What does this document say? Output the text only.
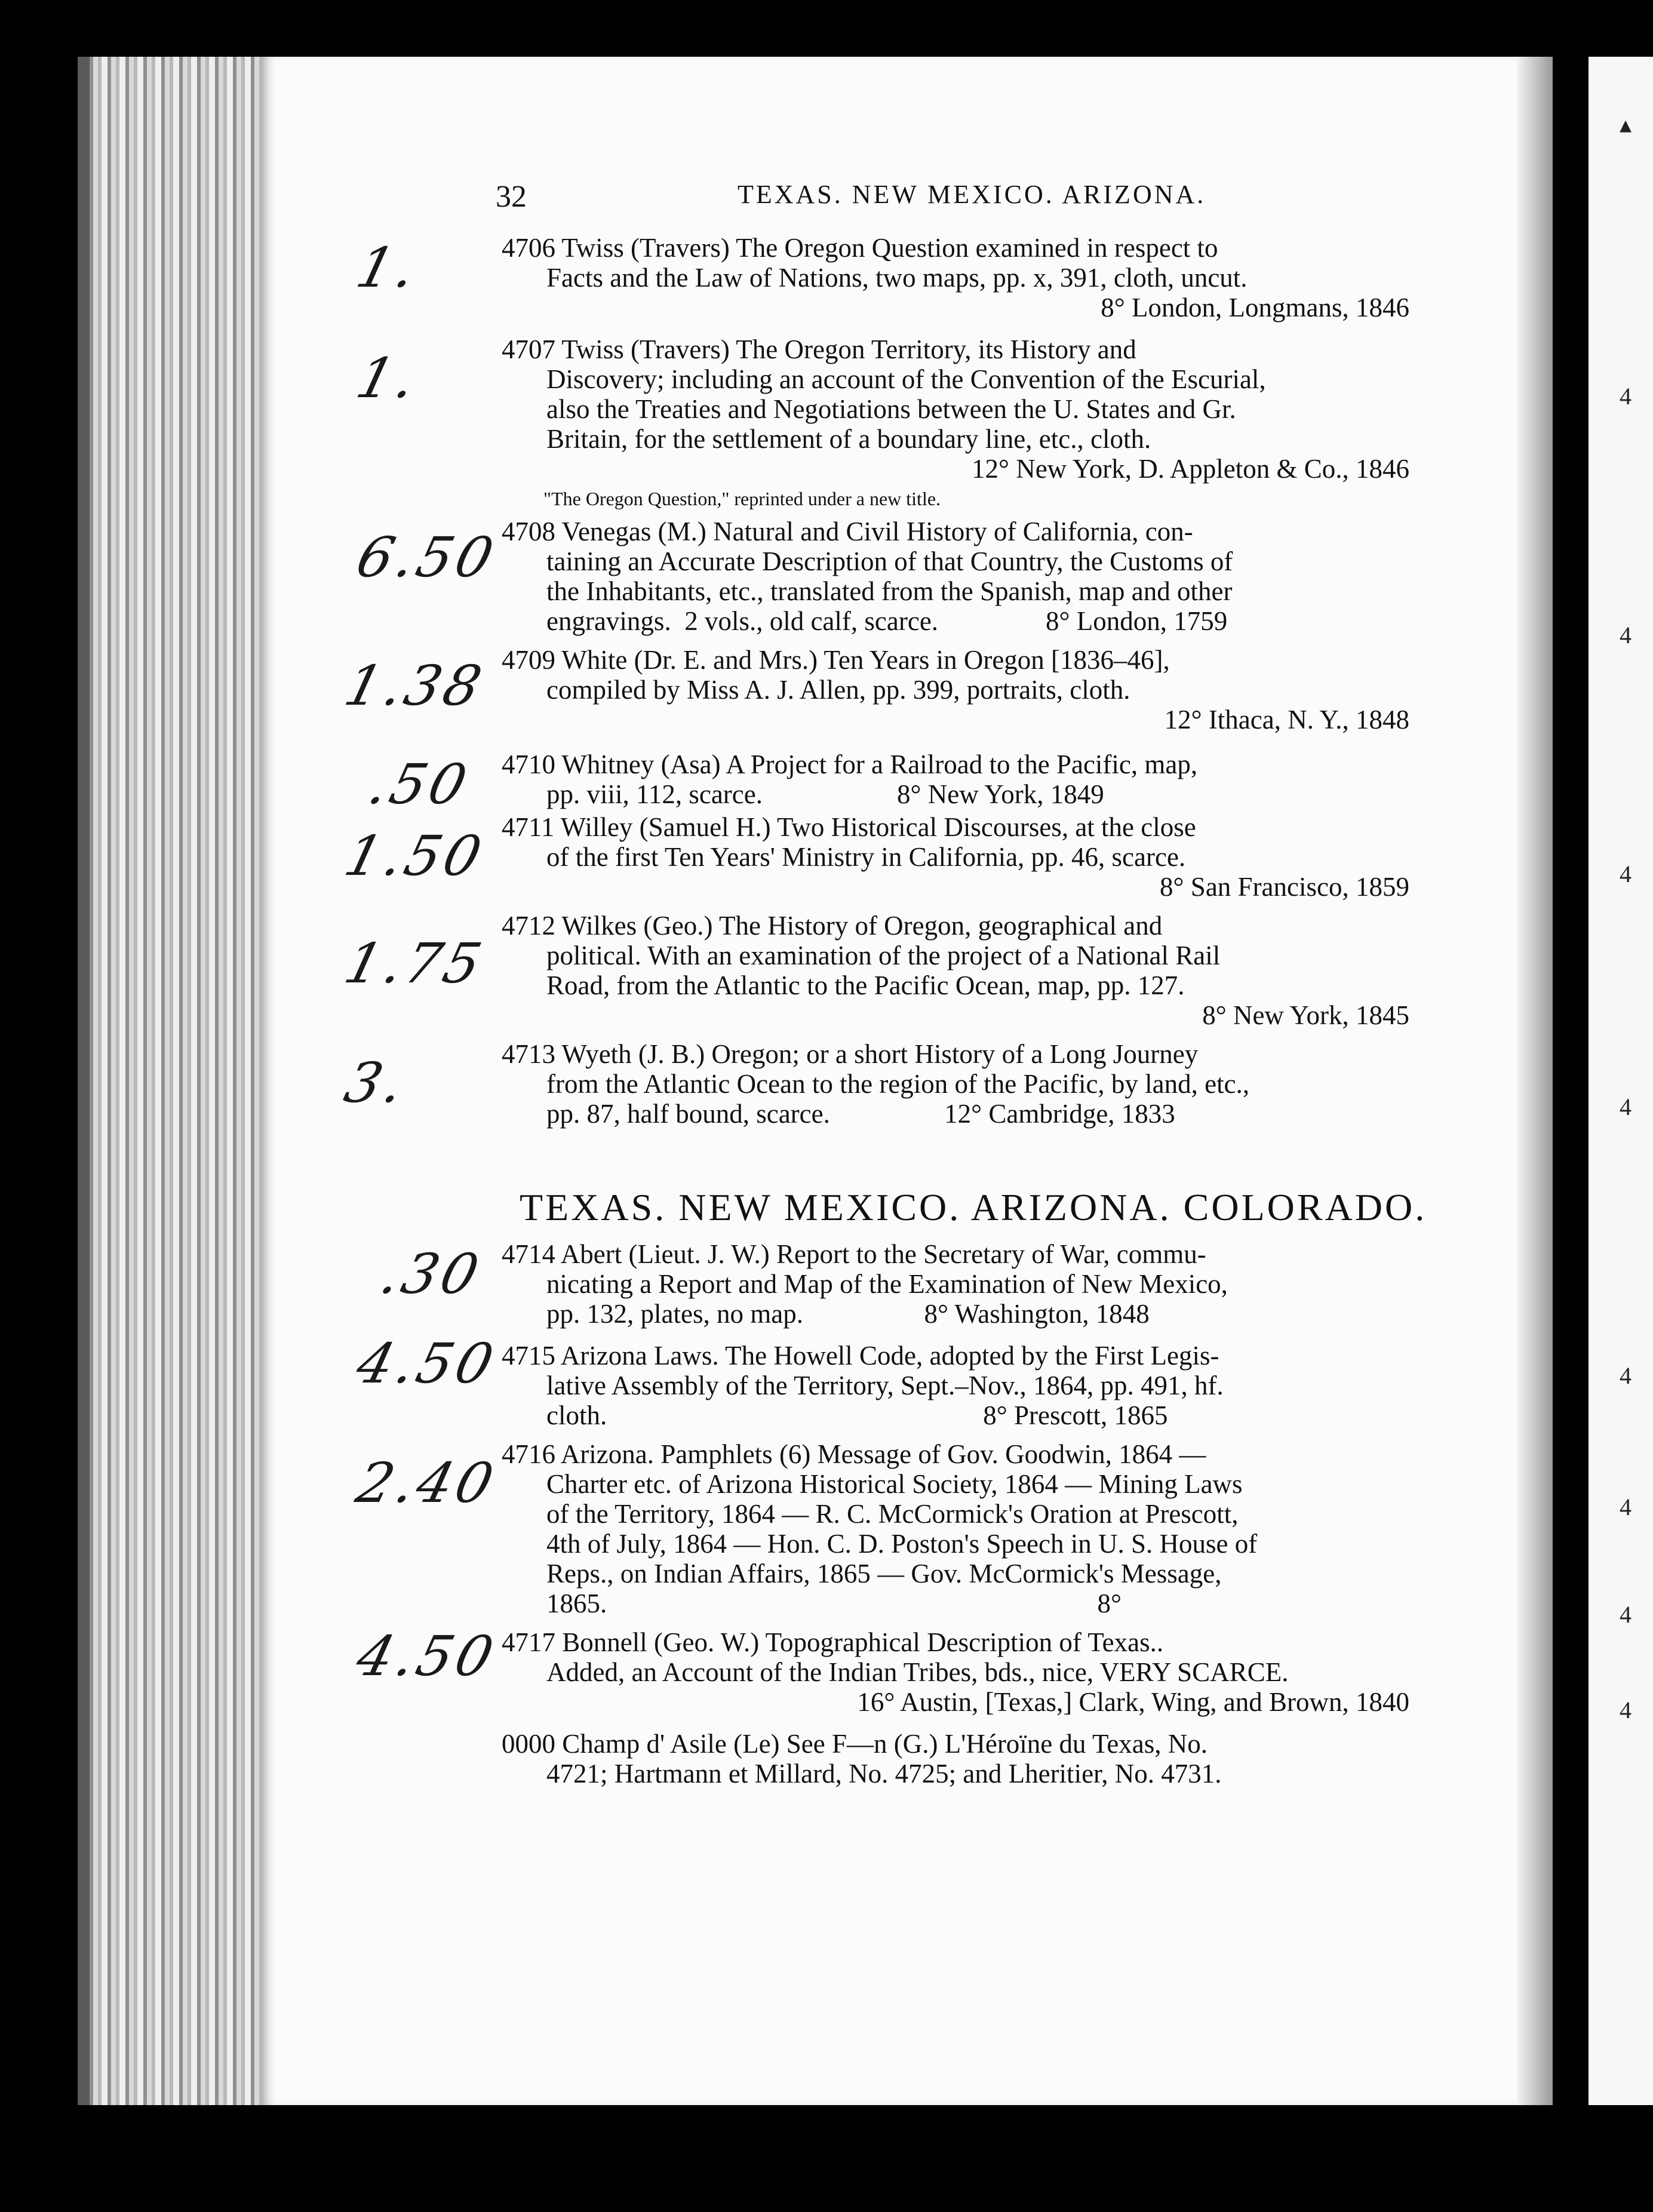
▴
4
4
4
4
4
4
4
4
32	TEXAS. NEW MEXICO. ARIZONA.
1.
1.
6.50
1.38
.50
1.50
1.75
3.
.30
4.50
2.40
4.50
4706 Twiss (Travers) The Oregon Question examined in respect to
Facts and the Law of Nations, two maps, pp. x, 391, cloth, uncut.
8° London, Longmans, 1846
4707 Twiss (Travers) The Oregon Territory, its History and
Discovery; including an account of the Convention of the Escurial,
also the Treaties and Negotiations between the U. States and Gr.
Britain, for the settlement of a boundary line, etc., cloth.
12° New York, D. Appleton & Co., 1846
"The Oregon Question," reprinted under a new title.
4708 Venegas (M.) Natural and Civil History of California, con-
taining an Accurate Description of that Country, the Customs of
the Inhabitants, etc., translated from the Spanish, map and other
engravings.  2 vols., old calf, scarce.                8° London, 1759
4709 White (Dr. E. and Mrs.) Ten Years in Oregon [1836–46],
compiled by Miss A. J. Allen, pp. 399, portraits, cloth.
12° Ithaca, N. Y., 1848
4710 Whitney (Asa) A Project for a Railroad to the Pacific, map,
pp. viii, 112, scarce.                    8° New York, 1849
4711 Willey (Samuel H.) Two Historical Discourses, at the close
of the first Ten Years' Ministry in California, pp. 46, scarce.
8° San Francisco, 1859
4712 Wilkes (Geo.) The History of Oregon, geographical and
political. With an examination of the project of a National Rail
Road, from the Atlantic to the Pacific Ocean, map, pp. 127.
8° New York, 1845
4713 Wyeth (J. B.) Oregon; or a short History of a Long Journey
from the Atlantic Ocean to the region of the Pacific, by land, etc.,
pp. 87, half bound, scarce.                 12° Cambridge, 1833
TEXAS. NEW MEXICO. ARIZONA. COLORADO.
4714 Abert (Lieut. J. W.) Report to the Secretary of War, commu-
nicating a Report and Map of the Examination of New Mexico,
pp. 132, plates, no map.                  8° Washington, 1848
4715 Arizona Laws. The Howell Code, adopted by the First Legis-
lative Assembly of the Territory, Sept.–Nov., 1864, pp. 491, hf.
cloth.                                                        8° Prescott, 1865
4716 Arizona. Pamphlets (6) Message of Gov. Goodwin, 1864 —
Charter etc. of Arizona Historical Society, 1864 — Mining Laws
of the Territory, 1864 — R. C. McCormick's Oration at Prescott,
4th of July, 1864 — Hon. C. D. Poston's Speech in U. S. House of
Reps., on Indian Affairs, 1865 — Gov. McCormick's Message,
1865.                                                                         8°
4717 Bonnell (Geo. W.) Topographical Description of Texas..
Added, an Account of the Indian Tribes, bds., nice, VERY SCARCE.
16° Austin, [Texas,] Clark, Wing, and Brown, 1840
0000 Champ d' Asile (Le) See F—n (G.) L'Héroïne du Texas, No.
4721; Hartmann et Millard, No. 4725; and Lheritier, No. 4731.
